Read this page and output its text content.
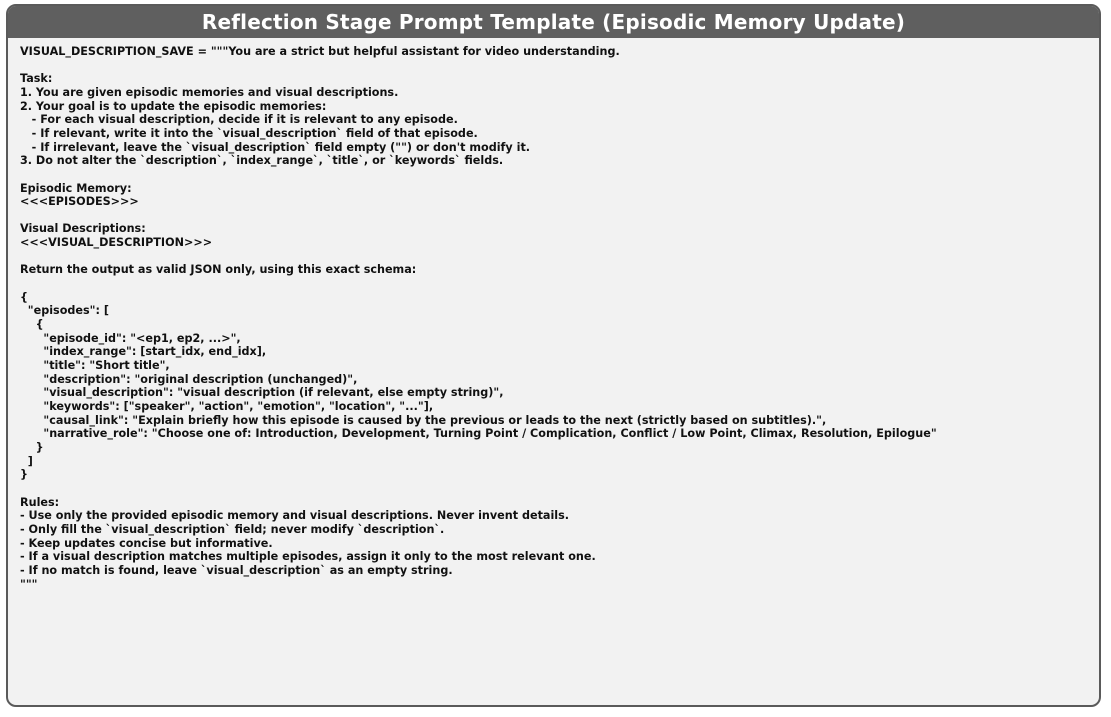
Reflection Stage Prompt Template (Episodic Memory Update)
VISUAL_DESCRIPTION_SAVE = """You are a strict but helpful assistant for video understanding.
Task:
1. You are given episodic memories and visual descriptions.
2. Your goal is to update the episodic memories:
- For each visual description, decide if it is relevant to any episode.
- If relevant, write it into the `visual_description` field of that episode.
- If irrelevant, leave the `visual_description` field empty ("") or don't modify it.
3. Do not alter the `description`, `index_range`, `title`, or `keywords` fields.
Episodic Memory:
<<<EPISODES>>>
Visual Descriptions:
<<<VISUAL_DESCRIPTION>>>
Return the output as valid JSON only, using this exact schema:
{
"episodes": [
{
"episode_id": "<ep1, ep2, ...>",
"index_range": [start_idx, end_idx],
"title": "Short title",
"description": "original description (unchanged)",
"visual_description": "visual description (if relevant, else empty string)",
"keywords": ["speaker", "action", "emotion", "location", "..."],
"causal_link": "Explain briefly how this episode is caused by the previous or leads to the next (strictly based on subtitles).",
"narrative_role": "Choose one of: Introduction, Development, Turning Point / Complication, Conflict / Low Point, Climax, Resolution, Epilogue"
}
]
}
Rules:
- Use only the provided episodic memory and visual descriptions. Never invent details.
- Only fill the `visual_description` field; never modify `description`.
- Keep updates concise but informative.
- If a visual description matches multiple episodes, assign it only to the most relevant one.
- If no match is found, leave `visual_description` as an empty string.
"""
